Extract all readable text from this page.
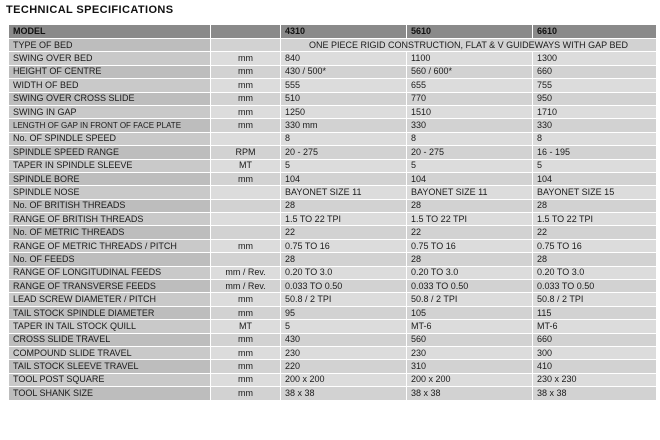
TECHNICAL SPECIFICATIONS
MODEL		4310	5610	6610
TYPE OF BED		ONE PIECE RIGID CONSTRUCTION, FLAT & V GUIDEWAYS WITH GAP BED		
SWING OVER BED	mm	840	1100	1300
HEIGHT OF CENTRE	mm	430 / 500*	560 / 600*	660
WIDTH OF BED	mm	555	655	755
SWING OVER CROSS SLIDE	mm	510	770	950
SWING IN GAP	mm	1250	1510	1710
LENGTH OF GAP IN FRONT OF FACE PLATE	mm	330 mm	330	330
No. OF SPINDLE SPEED		8	8	8
SPINDLE SPEED RANGE	RPM	20 - 275	20 - 275	16 - 195
TAPER IN SPINDLE SLEEVE	MT	5	5	5
SPINDLE BORE	mm	104	104	104
SPINDLE NOSE		BAYONET SIZE 11	BAYONET SIZE 11	BAYONET SIZE 15
No. OF BRITISH THREADS		28	28	28
RANGE OF BRITISH THREADS		1.5 TO 22 TPI	1.5 TO 22 TPI	1.5 TO 22 TPI
No. OF METRIC THREADS		22	22	22
RANGE OF METRIC THREADS / PITCH	mm	0.75 TO 16	0.75 TO 16	0.75 TO 16
No. OF FEEDS		28	28	28
RANGE OF LONGITUDINAL FEEDS	mm / Rev.	0.20 TO 3.0	0.20 TO 3.0	0.20 TO 3.0
RANGE OF TRANSVERSE FEEDS	mm / Rev.	0.033 TO 0.50	0.033 TO 0.50	0.033 TO 0.50
LEAD SCREW DIAMETER / PITCH	mm	50.8 / 2 TPI	50.8 / 2 TPI	50.8 / 2 TPI
TAIL STOCK SPINDLE DIAMETER	mm	95	105	115
TAPER IN TAIL STOCK QUILL	MT	5	MT-6	MT-6
CROSS SLIDE TRAVEL	mm	430	560	660
COMPOUND SLIDE TRAVEL	mm	230	230	300
TAIL STOCK SLEEVE TRAVEL	mm	220	310	410
TOOL POST SQUARE	mm	200 x 200	200 x 200	230 x 230
TOOL SHANK SIZE	mm	38 x 38	38 x 38	38 x 38
